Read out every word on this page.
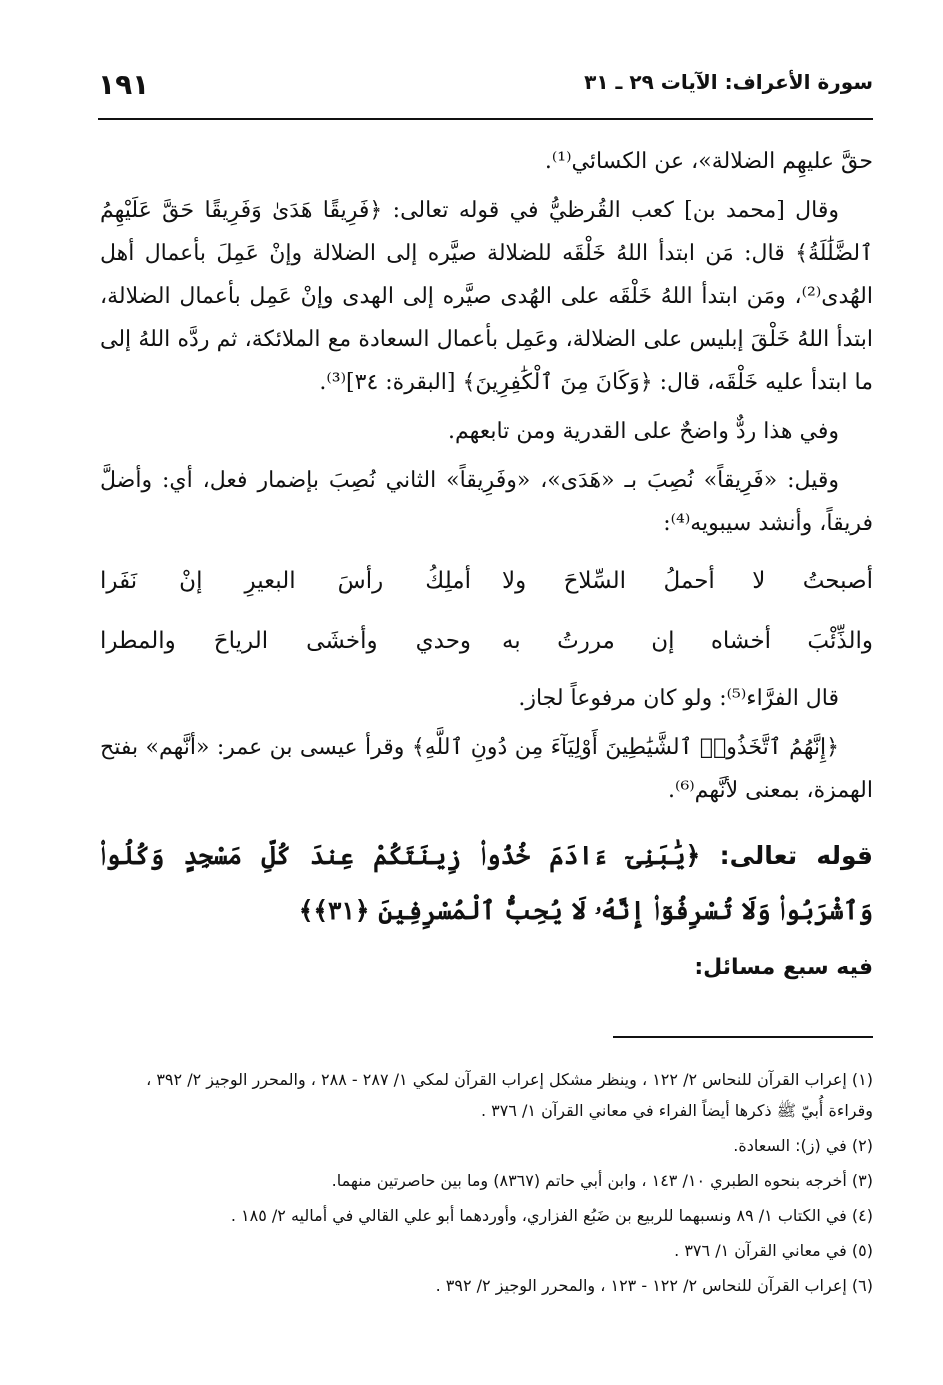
سورة الأعراف: الآيات ٢٩ ـ ٣١
١٩١

حقَّ عليهِم الضلالة»، عن الكسائي⁽¹⁾.

وقال [محمد بن] كعب القُرظيُّ في قوله تعالى: ﴿فَرِيقًا هَدَىٰ وَفَرِيقًا حَقَّ عَلَيْهِمُ ٱلضَّلَٰلَةُ﴾ قال: مَن ابتدأ اللهُ خَلْقَه للضلالة صيَّره إلى الضلالة وإنْ عَمِلَ بأعمال أهل الهُدى⁽²⁾، ومَن ابتدأ اللهُ خَلْقَه على الهُدى صيَّره إلى الهدى وإنْ عَمِل بأعمال الضلالة، ابتدأ اللهُ خَلْقَ إبليس على الضلالة، وعَمِل بأعمال السعادة مع الملائكة، ثم ردَّه اللهُ إلى ما ابتدأ عليه خَلْقَه، قال: ﴿وَكَانَ مِنَ ٱلْكَٰفِرِينَ﴾ [البقرة: ٣٤]⁽³⁾.

وفي هذا ردٌّ واضحٌ على القدرية ومن تابعهم.

وقيل: «فَرِيقاً» نُصِبَ بـ «هَدَى»، «وفَرِيقاً» الثاني نُصِبَ بإضمار فعل، أي: وأضلَّ فريقاً، وأنشد سيبويه⁽⁴⁾:

أصبحتُ لا أحملُ السِّلاحَ ولا
أملِكُ رأسَ البعيرِ إنْ نَفَرا
والذِّئْبَ أخشاه إن مررتُ به
وحدي وأخشَى الرياحَ والمطرا

قال الفرَّاء⁽⁵⁾: ولو كان مرفوعاً لجاز.

﴿إِنَّهُمُ ٱتَّخَذُوا۟ ٱلشَّيَٰطِينَ أَوْلِيَآءَ مِن دُونِ ٱللَّهِ﴾ وقرأ عيسى بن عمر: «أنَّهم» بفتح الهمزة، بمعنى لأنَّهم⁽⁶⁾.

قوله تعالى: ﴿يَٰبَنِىٓ ءَادَمَ خُذُوا۟ زِينَتَكُمْ عِندَ كُلِّ مَسْجِدٍ وَكُلُوا۟ وَٱشْرَبُوا۟ وَلَا تُسْرِفُوٓا۟ إِنَّهُۥ لَا يُحِبُّ ٱلْمُسْرِفِينَ ﴿٣١﴾﴾
فيه سبع مسائل:

(١) إعراب القرآن للنحاس ٢/ ١٢٢ ، وينظر مشكل إعراب القرآن لمكي ١/ ٢٨٧ - ٢٨٨ ، والمحرر الوجيز ٢/ ٣٩٢ ، وقراءة أُبيّ ﷺ ذكرها أيضاً الفراء في معاني القرآن ١/ ٣٧٦ .

(٢) في (ز): السعادة.

(٣) أخرجه بنحوه الطبري ١٠/ ١٤٣ ، وابن أبي حاتم (٨٣٦٧) وما بين حاصرتين منهما.

(٤) في الكتاب ١/ ٨٩ ونسبهما للربيع بن ضَبُع الفزاري، وأوردهما أبو علي القالي في أماليه ٢/ ١٨٥ .

(٥) في معاني القرآن ١/ ٣٧٦ .

(٦) إعراب القرآن للنحاس ٢/ ١٢٢ - ١٢٣ ، والمحرر الوجيز ٢/ ٣٩٢ .
